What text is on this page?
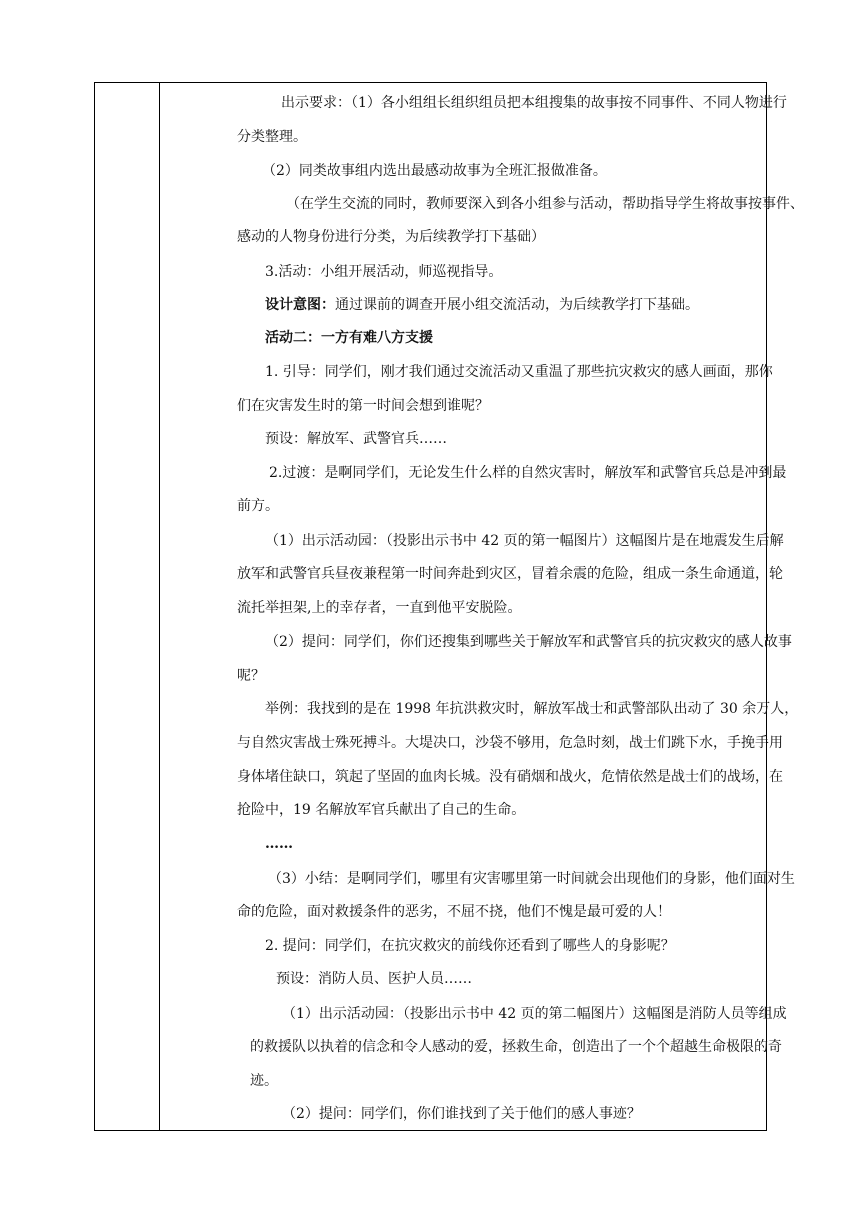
出示要求：（1）各小组组长组织组员把本组搜集的故事按不同事件、不同人物进行
分类整理。
（2）同类故事组内选出最感动故事为全班汇报做准备。
（在学生交流的同时，教师要深入到各小组参与活动，帮助指导学生将故事按事件、
感动的人物身份进行分类，为后续教学打下基础）
3.活动：小组开展活动，师巡视指导。
设计意图：通过课前的调查开展小组交流活动，为后续教学打下基础。
活动二：一方有难八方支援
1. 引导：同学们，刚才我们通过交流活动又重温了那些抗灾救灾的感人画面，那你
们在灾害发生时的第一时间会想到谁呢？
预设：解放军、武警官兵……
2.过渡：是啊同学们，无论发生什么样的自然灾害时，解放军和武警官兵总是冲到最
前方。
（1）出示活动园：（投影出示书中 42 页的第一幅图片）这幅图片是在地震发生后解
放军和武警官兵昼夜兼程第一时间奔赴到灾区，冒着余震的危险，组成一条生命通道，轮
流托举担架,上的幸存者，一直到他平安脱险。
（2）提问：同学们，你们还搜集到哪些关于解放军和武警官兵的抗灾救灾的感人故事
呢？
举例：我找到的是在 1998 年抗洪救灾时，解放军战士和武警部队出动了 30 余万人，
与自然灾害战士殊死搏斗。大堤决口，沙袋不够用，危急时刻，战士们跳下水，手挽手用
身体堵住缺口，筑起了坚固的血肉长城。没有硝烟和战火，危情依然是战士们的战场，在
抢险中，19 名解放军官兵献出了自己的生命。
……
（3）小结：是啊同学们，哪里有灾害哪里第一时间就会出现他们的身影，他们面对生
命的危险，面对救援条件的恶劣，不屈不挠，他们不愧是最可爱的人！
2. 提问：同学们，在抗灾救灾的前线你还看到了哪些人的身影呢？
预设：消防人员、医护人员……
（1）出示活动园：（投影出示书中 42 页的第二幅图片）这幅图是消防人员等组成
的救援队以执着的信念和令人感动的爱，拯救生命，创造出了一个个超越生命极限的奇
迹。
（2）提问：同学们，你们谁找到了关于他们的感人事迹？
